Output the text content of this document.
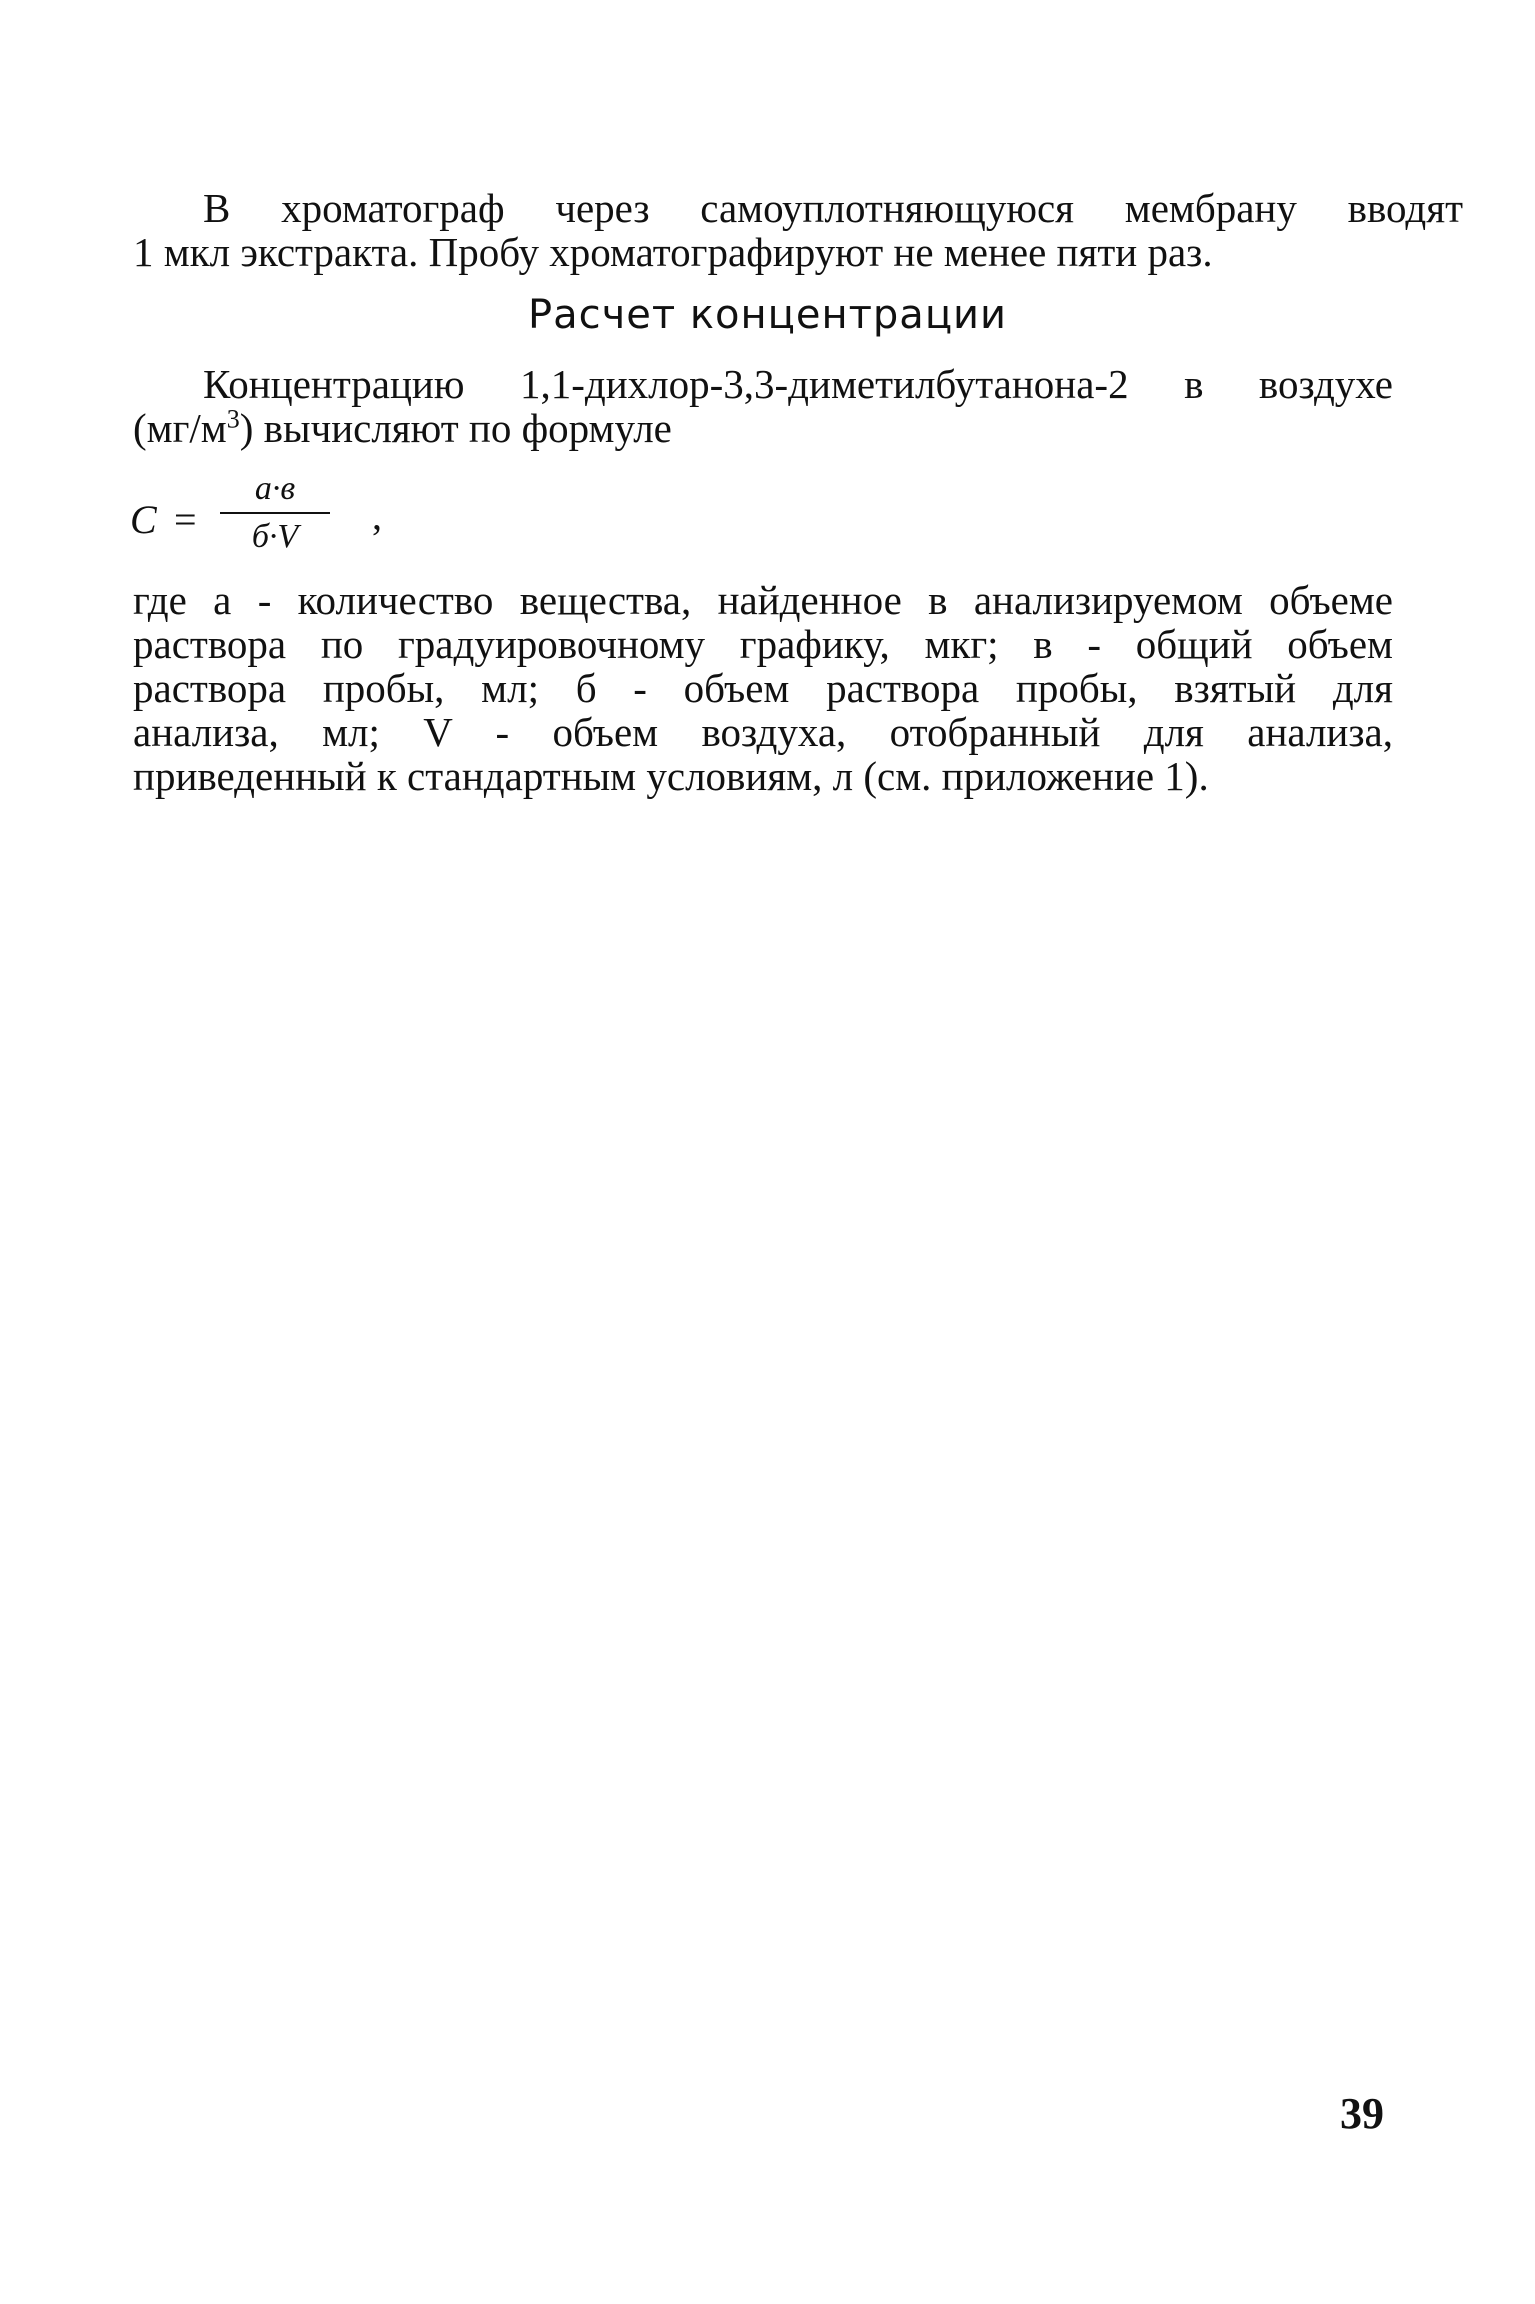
В хроматограф через самоуплотняющуюся мембрану вводят
1 мкл экстракта. Пробу хроматографируют не менее пяти раз.

Расчет концентрации

Концентрацию 1,1-дихлор-3,3-диметилбутанона-2 в воздухе
$(мг/м^3)$ вычисляют по формуле

C =
а·в
б·V	,

где а - количество вещества, найденное в анализируемом объеме
раствора по градуировочному графику, мкг; в - общий объем
раствора пробы, мл; б - объем раствора пробы, взятый для
анализа, мл; V - объем воздуха, отобранный для анализа,
приведенный к стандартным условиям, л (см. приложение 1).

39
